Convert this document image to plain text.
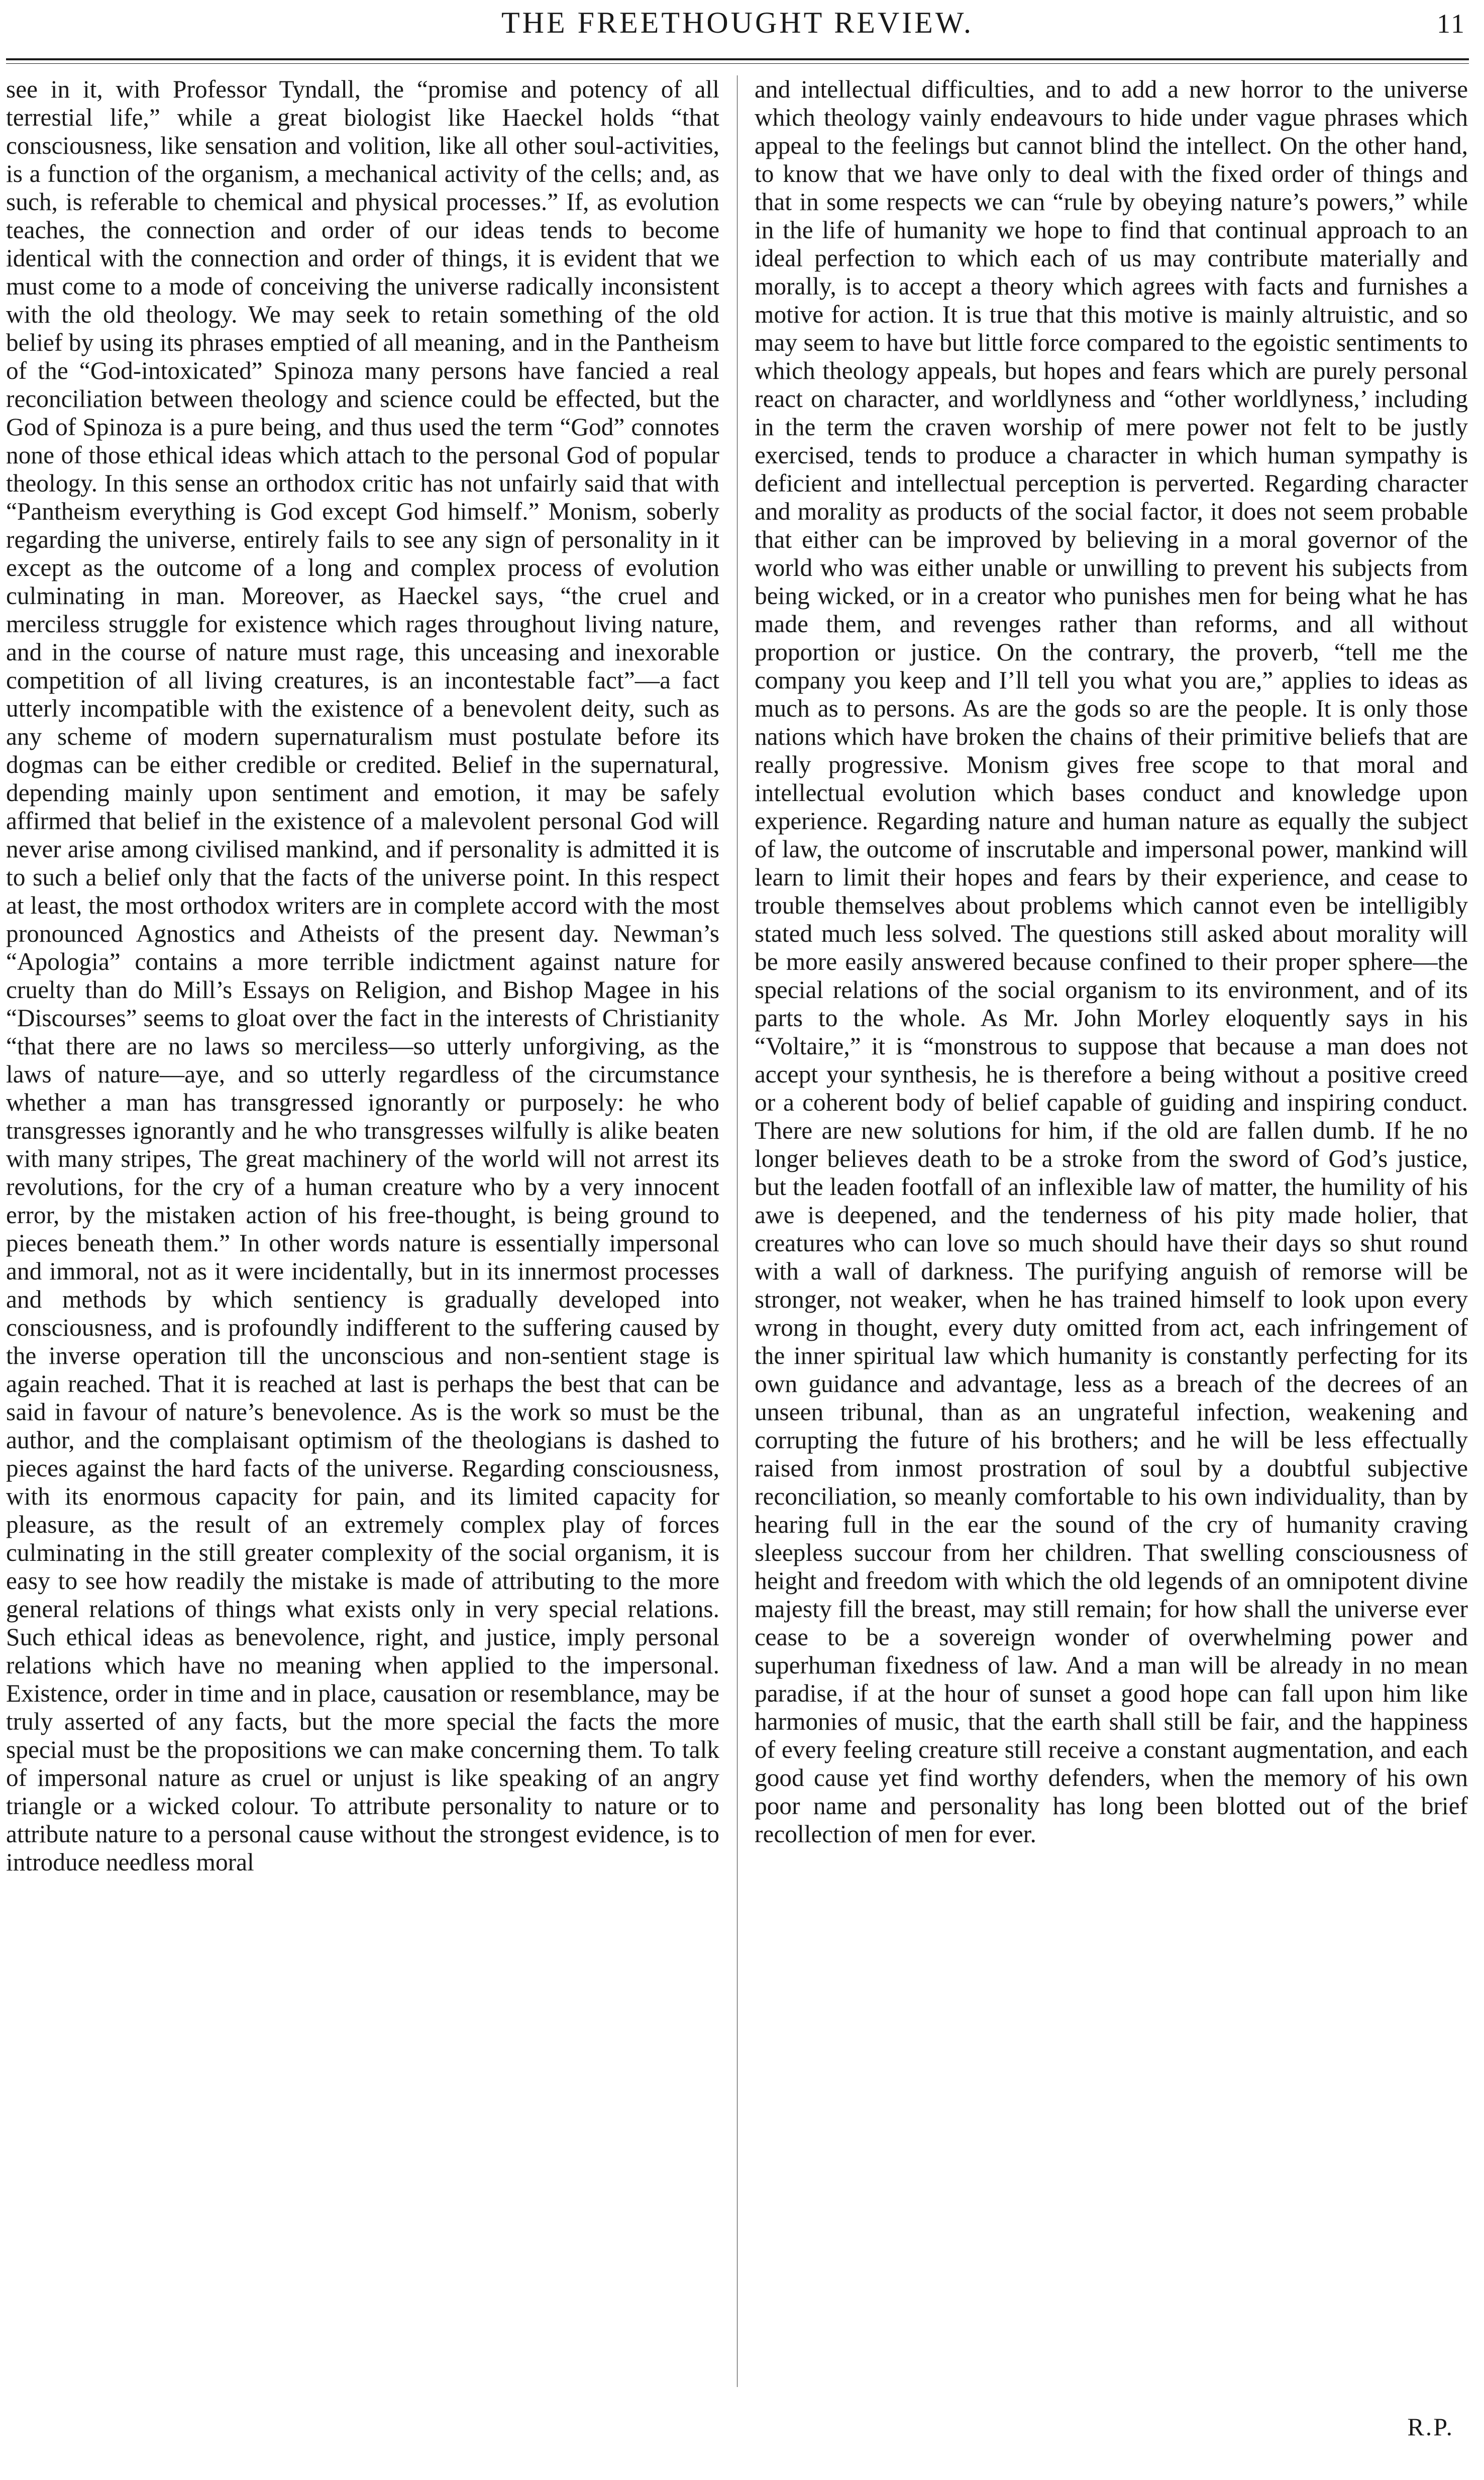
THE FREETHOUGHT REVIEW.	11

see in it, with Professor Tyndall, the “promise and potency of all terrestial life,” while a great biologist like Haeckel holds “that consciousness, like sensation and volition, like all other soul-activities, is a function of the organism, a mechanical activity of the cells; and, as such, is referable to chemical and physical processes.” If, as evolution teaches, the connection and order of our ideas tends to become identical with the connection and order of things, it is evident that we must come to a mode of conceiving the universe radically inconsistent with the old theology. We may seek to retain something of the old belief by using its phrases emptied of all meaning, and in the Pantheism of the “God-intoxicated” Spinoza many persons have fancied a real reconciliation between theology and science could be effected, but the God of Spinoza is a pure being, and thus used the term “God” connotes none of those ethical ideas which attach to the personal God of popular theology. In this sense an orthodox critic has not unfairly said that with “Pantheism everything is God except God himself.” Monism, soberly regarding the universe, entirely fails to see any sign of personality in it except as the outcome of a long and complex process of evolution culminating in man. Moreover, as Haeckel says, “the cruel and merciless struggle for existence which rages throughout living nature, and in the course of nature must rage, this unceasing and inexorable competition of all living creatures, is an incontestable fact”—a fact utterly incompatible with the existence of a benevolent deity, such as any scheme of modern supernaturalism must postulate before its dogmas can be either credible or credited. Belief in the supernatural, depending mainly upon sentiment and emotion, it may be safely affirmed that belief in the existence of a malevolent personal God will never arise among civilised mankind, and if personality is admitted it is to such a belief only that the facts of the universe point. In this respect at least, the most orthodox writers are in complete accord with the most pronounced Agnostics and Atheists of the present day. Newman’s “Apologia” contains a more terrible indictment against nature for cruelty than do Mill’s Essays on Religion, and Bishop Magee in his “Discourses” seems to gloat over the fact in the interests of Christianity “that there are no laws so merciless—so utterly unforgiving, as the laws of nature—aye, and so utterly regardless of the circumstance whether a man has transgressed ignorantly or purposely: he who transgresses ignorantly and he who transgresses wilfully is alike beaten with many stripes, The great machinery of the world will not arrest its revolutions, for the cry of a human creature who by a very innocent error, by the mistaken action of his free-thought, is being ground to pieces beneath them.” In other words nature is essentially impersonal and immoral, not as it were incidentally, but in its innermost processes and methods by which sentiency is gradually developed into consciousness, and is profoundly indifferent to the suffering caused by the inverse operation till the unconscious and non-sentient stage is again reached. That it is reached at last is perhaps the best that can be said in favour of nature’s benevolence. As is the work so must be the author, and the complaisant optimism of the theologians is dashed to pieces against the hard facts of the universe. Regarding consciousness, with its enormous capacity for pain, and its limited capacity for pleasure, as the result of an extremely complex play of forces culminating in the still greater complexity of the social organism, it is easy to see how readily the mistake is made of attributing to the more general relations of things what exists only in very special relations. Such ethical ideas as benevolence, right, and justice, imply personal relations which have no meaning when applied to the impersonal. Existence, order in time and in place, causation or resemblance, may be truly asserted of any facts, but the more special the facts the more special must be the propositions we can make concerning them. To talk of impersonal nature as cruel or unjust is like speaking of an angry triangle or a wicked colour. To attribute personality to nature or to attribute nature to a personal cause without the strongest evidence, is to introduce needless moral

and intellectual difficulties, and to add a new horror to the universe which theology vainly endeavours to hide under vague phrases which appeal to the feelings but cannot blind the intellect. On the other hand, to know that we have only to deal with the fixed order of things and that in some respects we can “rule by obeying nature’s powers,” while in the life of humanity we hope to find that continual approach to an ideal perfection to which each of us may contribute materially and morally, is to accept a theory which agrees with facts and furnishes a motive for action. It is true that this motive is mainly altruistic, and so may seem to have but little force compared to the egoistic sentiments to which theology appeals, but hopes and fears which are purely personal react on character, and worldlyness and “other worldlyness,’ including in the term the craven worship of mere power not felt to be justly exercised, tends to produce a character in which human sympathy is deficient and intellectual perception is perverted. Regarding character and morality as products of the social factor, it does not seem probable that either can be improved by believing in a moral governor of the world who was either unable or unwilling to prevent his subjects from being wicked, or in a creator who punishes men for being what he has made them, and revenges rather than reforms, and all without proportion or justice. On the contrary, the proverb, “tell me the company you keep and I’ll tell you what you are,” applies to ideas as much as to persons. As are the gods so are the people. It is only those nations which have broken the chains of their primitive beliefs that are really progressive. Monism gives free scope to that moral and intellectual evolution which bases conduct and knowledge upon experience. Regarding nature and human nature as equally the subject of law, the outcome of inscrutable and impersonal power, mankind will learn to limit their hopes and fears by their experience, and cease to trouble themselves about problems which cannot even be intelligibly stated much less solved. The questions still asked about morality will be more easily answered because confined to their proper sphere—the special relations of the social organism to its environment, and of its parts to the whole. As Mr. John Morley eloquently says in his “Voltaire,” it is “monstrous to suppose that because a man does not accept your synthesis, he is therefore a being without a positive creed or a coherent body of belief capable of guiding and inspiring conduct. There are new solutions for him, if the old are fallen dumb. If he no longer believes death to be a stroke from the sword of God’s justice, but the leaden footfall of an inflexible law of matter, the humility of his awe is deepened, and the tenderness of his pity made holier, that creatures who can love so much should have their days so shut round with a wall of darkness. The purifying anguish of remorse will be stronger, not weaker, when he has trained himself to look upon every wrong in thought, every duty omitted from act, each infringement of the inner spiritual law which humanity is constantly perfecting for its own guidance and advantage, less as a breach of the decrees of an unseen tribunal, than as an ungrateful infection, weakening and corrupting the future of his brothers; and he will be less effectually raised from inmost prostration of soul by a doubtful subjective reconciliation, so meanly comfortable to his own individuality, than by hearing full in the ear the sound of the cry of humanity craving sleepless succour from her children. That swelling consciousness of height and freedom with which the old legends of an omnipotent divine majesty fill the breast, may still remain; for how shall the universe ever cease to be a sovereign wonder of overwhelming power and superhuman fixedness of law. And a man will be already in no mean paradise, if at the hour of sunset a good hope can fall upon him like harmonies of music, that the earth shall still be fair, and the happiness of every feeling creature still receive a constant augmentation, and each good cause yet find worthy defenders, when the memory of his own poor name and personality has long been blotted out of the brief recollection of men for ever.

R.P.
